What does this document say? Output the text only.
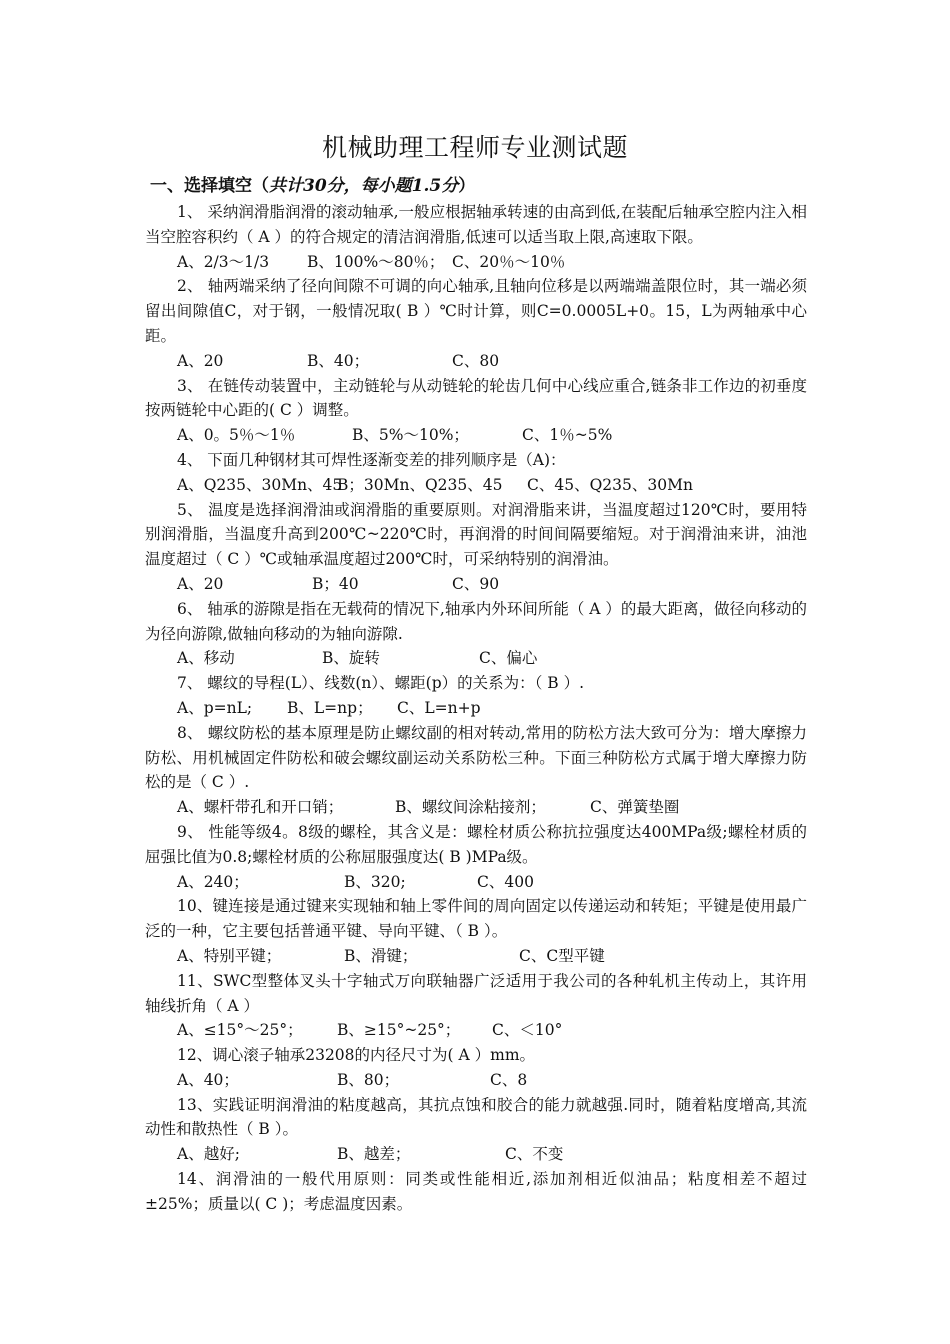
机械助理工程师专业测试题
一、选择填空（共计30分，每小题1.5分）

1、 采纳润滑脂润滑的滚动轴承,一般应根据轴承转速的由高到低,在装配后轴承空腔内注入相当空腔容积约（ A ）的符合规定的清洁润滑脂,低速可以适当取上限,高速取下限。

A、2/3～1/3	B、100%～80％； C、20％～10％

2、 轴两端采纳了径向间隙不可调的向心轴承,且轴向位移是以两端端盖限位时，其一端必须留出间隙值C，对于钢，一般情况取( B ）℃时计算，则C=0.0005L+0。15，L为两轴承中心距。

A、20	B、40；	C、80

3、 在链传动装置中，主动链轮与从动链轮的轮齿几何中心线应重合,链条非工作边的初垂度按两链轮中心距的( C ）调整。

A、0。5％～1％	B、5%～10%；	C、1％~5%

4、 下面几种钢材其可焊性逐渐变差的排列顺序是（A)：

A、Q235、30Mn、45
B；30Mn、Q235、45	C、45、Q235、30Mn

5、 温度是选择润滑油或润滑脂的重要原则。对润滑脂来讲，当温度超过120℃时，要用特别润滑脂，当温度升高到200℃~220℃时，再润滑的时间间隔要缩短。对于润滑油来讲，油池温度超过（ C ）℃或轴承温度超过200℃时，可采纳特别的润滑油。

A、20	B；40	C、90

6、 轴承的游隙是指在无载荷的情况下,轴承内外环间所能（ A ）的最大距离，做径向移动的为径向游隙,做轴向移动的为轴向游隙.

A、移动	B、旋转	C、偏心

7、 螺纹的导程(L）、线数(n）、螺距(p）的关系为：（ B ）.

A、p=nL;	B、L=np；	C、L=n+p

8、 螺纹防松的基本原理是防止螺纹副的相对转动,常用的防松方法大致可分为：增大摩擦力防松、用机械固定件防松和破会螺纹副运动关系防松三种。下面三种防松方式属于增大摩擦力防松的是（ C ）.

A、螺杆带孔和开口销；	B、螺纹间涂粘接剂；	C、弹簧垫圈

9、 性能等级4。8级的螺栓，其含义是：螺栓材质公称抗拉强度达400MPa级;螺栓材质的屈强比值为0.8;螺栓材质的公称屈服强度达( B )MPa级。

A、240；	B、320;	C、400

10、键连接是通过键来实现轴和轴上零件间的周向固定以传递运动和转矩；平键是使用最广泛的一种，它主要包括普通平键、导向平键、（ B ）。

A、特别平键；	B、滑键；	C、C型平键

11、SWC型整体叉头十字轴式万向联轴器广泛适用于我公司的各种轧机主传动上，其许用轴线折角（ A ）

A、≤15°～25°；	B、≥15°~25°；	C、＜10°

12、调心滚子轴承23208的内径尺寸为( A ）mm。

A、40；	B、80；	C、8

13、实践证明润滑油的粘度越高，其抗点蚀和胶合的能力就越强.同时，随着粘度增高,其流动性和散热性（ B ）。

A、越好;	B、越差；	C、不变

14、润滑油的一般代用原则：同类或性能相近,添加剂相近似油品；粘度相差不超过±25%；质量以( C )；考虑温度因素。
